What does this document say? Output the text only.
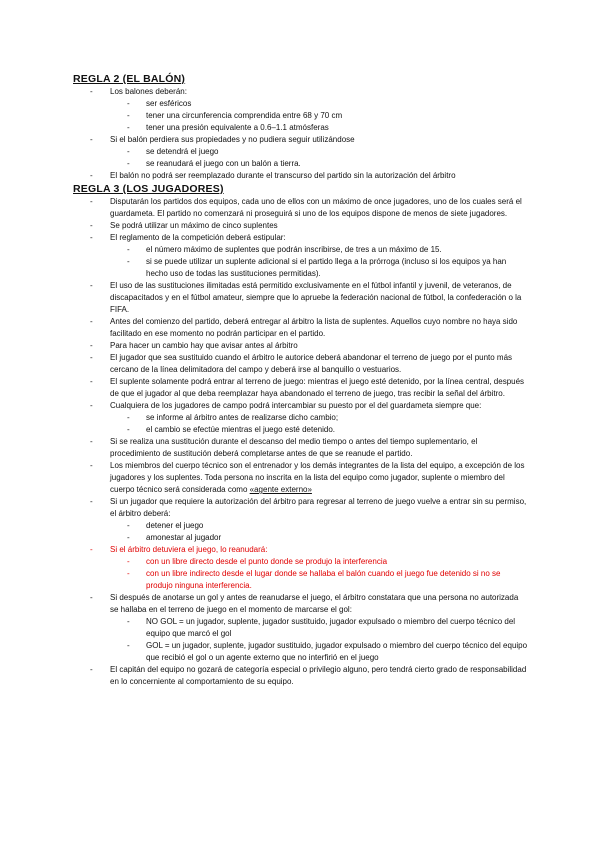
REGLA 2 (EL BALÓN)
- Los balones deberán:
- ser esféricos
- tener una circunferencia comprendida entre 68 y 70 cm
- tener una presión equivalente a 0.6–1.1 atmósferas
- Si el balón perdiera sus propiedades y no pudiera seguir utilizándose
- se detendrá el juego
- se reanudará el juego con un balón a tierra.
- El balón no podrá ser reemplazado durante el transcurso del partido sin la autorización del árbitro
REGLA 3 (LOS JUGADORES)
- Disputarán los partidos dos equipos, cada uno de ellos con un máximo de once jugadores, uno de los cuales será el guardameta. El partido no comenzará ni proseguirá si uno de los equipos dispone de menos de siete jugadores.
- Se podrá utilizar un máximo de cinco suplentes
- El reglamento de la competición deberá estipular:
- el número máximo de suplentes que podrán inscribirse, de tres a un máximo de 15.
- si se puede utilizar un suplente adicional si el partido llega a la prórroga (incluso si los equipos ya han hecho uso de todas las sustituciones permitidas).
- El uso de las sustituciones ilimitadas está permitido exclusivamente en el fútbol infantil y juvenil, de veteranos, de discapacitados y en el fútbol amateur, siempre que lo apruebe la federación nacional de fútbol, la confederación o la FIFA.
- Antes del comienzo del partido, deberá entregar al árbitro la lista de suplentes. Aquellos cuyo nombre no haya sido facilitado en ese momento no podrán participar en el partido.
- Para hacer un cambio hay que avisar antes al árbitro
- El jugador que sea sustituido cuando el árbitro le autorice deberá abandonar el terreno de juego por el punto más cercano de la línea delimitadora del campo y deberá irse al banquillo o vestuarios.
- El suplente solamente podrá entrar al terreno de juego: mientras el juego esté detenido, por la línea central, después de que el jugador al que deba reemplazar haya abandonado el terreno de juego, tras recibir la señal del árbitro.
- Cualquiera de los jugadores de campo podrá intercambiar su puesto por el del guardameta siempre que:
- se informe al árbitro antes de realizarse dicho cambio;
- el cambio se efectúe mientras el juego esté detenido.
- Si se realiza una sustitución durante el descanso del medio tiempo o antes del tiempo suplementario, el procedimiento de sustitución deberá completarse antes de que se reanude el partido.
- Los miembros del cuerpo técnico son el entrenador y los demás integrantes de la lista del equipo, a excepción de los jugadores y los suplentes. Toda persona no inscrita en la lista del equipo como jugador, suplente o miembro del cuerpo técnico será considerada como «agente externo»
- Si un jugador que requiere la autorización del árbitro para regresar al terreno de juego vuelve a entrar sin su permiso, el árbitro deberá:
- detener el juego
- amonestar al jugador
- Si el árbitro detuviera el juego, lo reanudará:
- con un libre directo desde el punto donde se produjo la interferencia
- con un libre indirecto desde el lugar donde se hallaba el balón cuando el juego fue detenido si no se produjo ninguna interferencia.
- Si después de anotarse un gol y antes de reanudarse el juego, el árbitro constatara que una persona no autorizada se hallaba en el terreno de juego en el momento de marcarse el gol:
- NO GOL = un jugador, suplente, jugador sustituido, jugador expulsado o miembro del cuerpo técnico del equipo que marcó el gol
- GOL = un jugador, suplente, jugador sustituido, jugador expulsado o miembro del cuerpo técnico del equipo que recibió el gol o un agente externo que no interfirió en el juego
- El capitán del equipo no gozará de categoría especial o privilegio alguno, pero tendrá cierto grado de responsabilidad en lo concerniente al comportamiento de su equipo.
